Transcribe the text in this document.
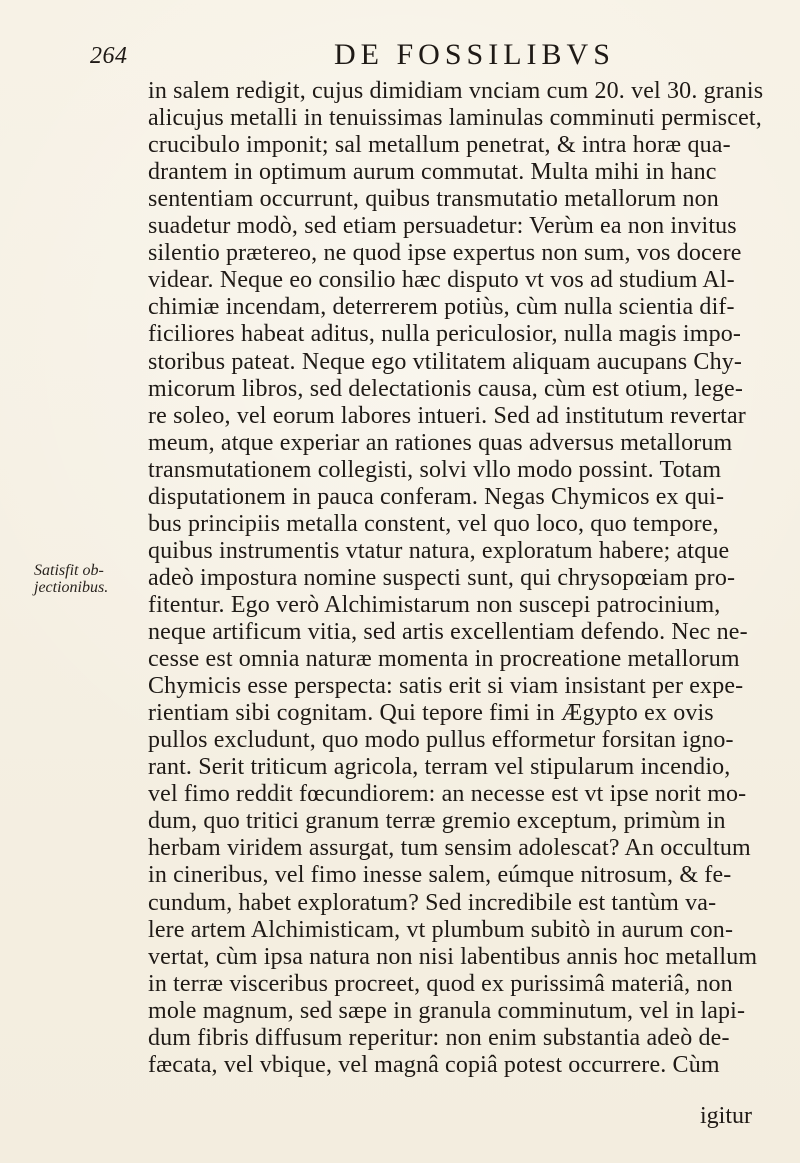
264	DE FOSSILIBVS
Satisfit ob-
jectionibus.
in salem redigit, cujus dimidiam vnciam cum 20. vel 30. granis
alicujus metalli in tenuissimas laminulas comminuti permiscet,
crucibulo imponit; sal metallum penetrat, & intra horæ qua-
drantem in optimum aurum commutat. Multa mihi in hanc
sententiam occurrunt, quibus transmutatio metallorum non
suadetur modò, sed etiam persuadetur: Verùm ea non invitus
silentio prætereo, ne quod ipse expertus non sum, vos docere
videar. Neque eo consilio hæc disputo vt vos ad studium Al-
chimiæ incendam, deterrerem potiùs, cùm nulla scientia dif-
ficiliores habeat aditus, nulla periculosior, nulla magis impo-
storibus pateat. Neque ego vtilitatem aliquam aucupans Chy-
micorum libros, sed delectationis causa, cùm est otium, lege-
re soleo, vel eorum labores intueri. Sed ad institutum revertar
meum, atque experiar an rationes quas adversus metallorum
transmutationem collegisti, solvi vllo modo possint. Totam
disputationem in pauca conferam. Negas Chymicos ex qui-
bus principiis metalla constent, vel quo loco, quo tempore,
quibus instrumentis vtatur natura, exploratum habere; atque
adeò impostura nomine suspecti sunt, qui chrysopœiam pro-
fitentur. Ego verò Alchimistarum non suscepi patrocinium,
neque artificum vitia, sed artis excellentiam defendo. Nec ne-
cesse est omnia naturæ momenta in procreatione metallorum
Chymicis esse perspecta: satis erit si viam insistant per expe-
rientiam sibi cognitam. Qui tepore fimi in Ægypto ex ovis
pullos excludunt, quo modo pullus efformetur forsitan igno-
rant. Serit triticum agricola, terram vel stipularum incendio,
vel fimo reddit fœcundiorem: an necesse est vt ipse norit mo-
dum, quo tritici granum terræ gremio exceptum, primùm in
herbam viridem assurgat, tum sensim adolescat? An occultum
in cineribus, vel fimo inesse salem, eúmque nitrosum, & fe-
cundum, habet exploratum? Sed incredibile est tantùm va-
lere artem Alchimisticam, vt plumbum subitò in aurum con-
vertat, cùm ipsa natura non nisi labentibus annis hoc metallum
in terræ visceribus procreet, quod ex purissimâ materiâ, non
mole magnum, sed sæpe in granula comminutum, vel in lapi-
dum fibris diffusum reperitur: non enim substantia adeò de-
fæcata, vel vbique, vel magnâ copiâ potest occurrere. Cùm
igitur
